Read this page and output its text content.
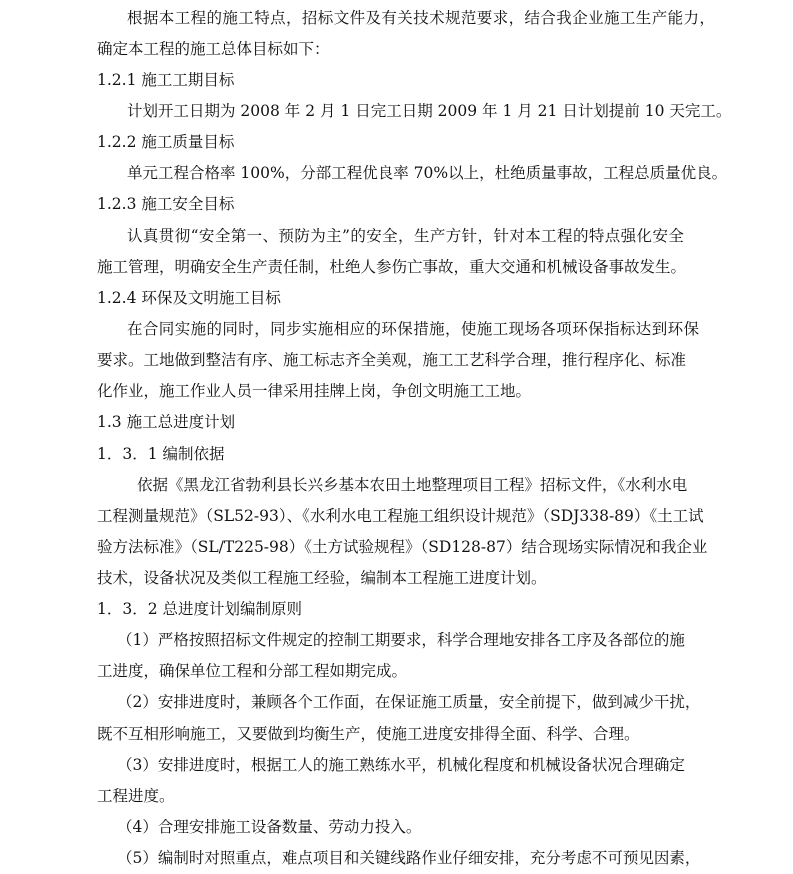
根据本工程的施工特点，招标文件及有关技术规范要求，结合我企业施工生产能力，
确定本工程的施工总体目标如下：
1.2.1 施工工期目标
计划开工日期为 2008 年 2 月 1 日完工日期 2009 年 1 月 21 日计划提前 10 天完工。
1.2.2 施工质量目标
单元工程合格率 100%，分部工程优良率 70%以上，杜绝质量事故，工程总质量优良。
1.2.3 施工安全目标
认真贯彻“安全第一、预防为主”的安全，生产方针，针对本工程的特点强化安全
施工管理，明确安全生产责任制，杜绝人参伤亡事故，重大交通和机械设备事故发生。
1.2.4 环保及文明施工目标
在合同实施的同时，同步实施相应的环保措施，使施工现场各项环保指标达到环保
要求。工地做到整洁有序、施工标志齐全美观，施工工艺科学合理，推行程序化、标准
化作业，施工作业人员一律采用挂牌上岗，争创文明施工工地。
1.3 施工总进度计划
1．3．1 编制依据
依据《黑龙江省勃利县长兴乡基本农田土地整理项目工程》招标文件，《水利水电
工程测量规范》（SL52-93）、《水利水电工程施工组织设计规范》（SDJ338-89）《土工试
验方法标准》（SL/T225-98）《土方试验规程》（SD128-87）结合现场实际情况和我企业
技术，设备状况及类似工程施工经验，编制本工程施工进度计划。
1．3．2 总进度计划编制原则
（1）严格按照招标文件规定的控制工期要求，科学合理地安排各工序及各部位的施
工进度，确保单位工程和分部工程如期完成。
（2）安排进度时，兼顾各个工作面，在保证施工质量，安全前提下，做到减少干扰，
既不互相形响施工，又要做到均衡生产，使施工进度安排得全面、科学、合理。
（3）安排进度时，根据工人的施工熟练水平，机械化程度和机械设备状况合理确定
工程进度。
（4）合理安排施工设备数量、劳动力投入。
（5）编制时对照重点，难点项目和关键线路作业仔细安排，充分考虑不可预见因素，
